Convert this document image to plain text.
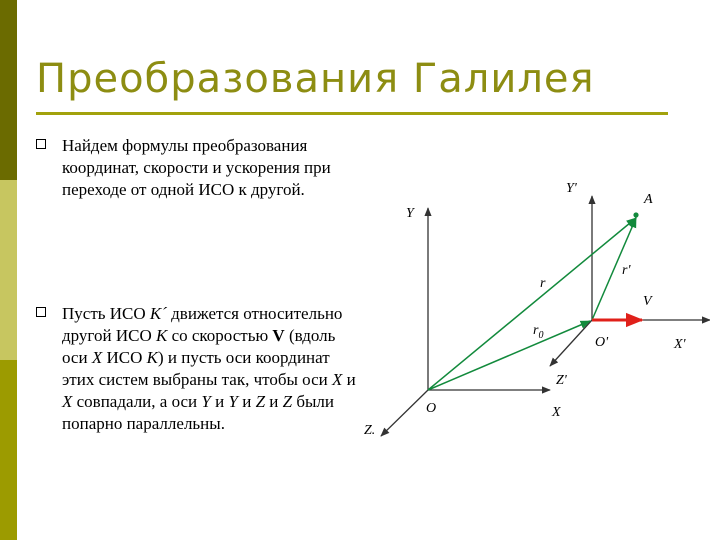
Преобразования Галилея
Найдем формулы преобразования координат, скорости и ускорения при переходе от одной ИСО к другой.
Пусть ИСО K´ движется относительно другой ИСО K со скоростью V (вдоль оси X ИСО K) и пусть оси координат этих систем выбраны так, чтобы оси X и X совпадали, а оси Y и Y и Z и Z были попарно параллельны.
Y
Y'
A
r
r'
V
$r_0$	O'	X'
Z'
O	X
Z.
